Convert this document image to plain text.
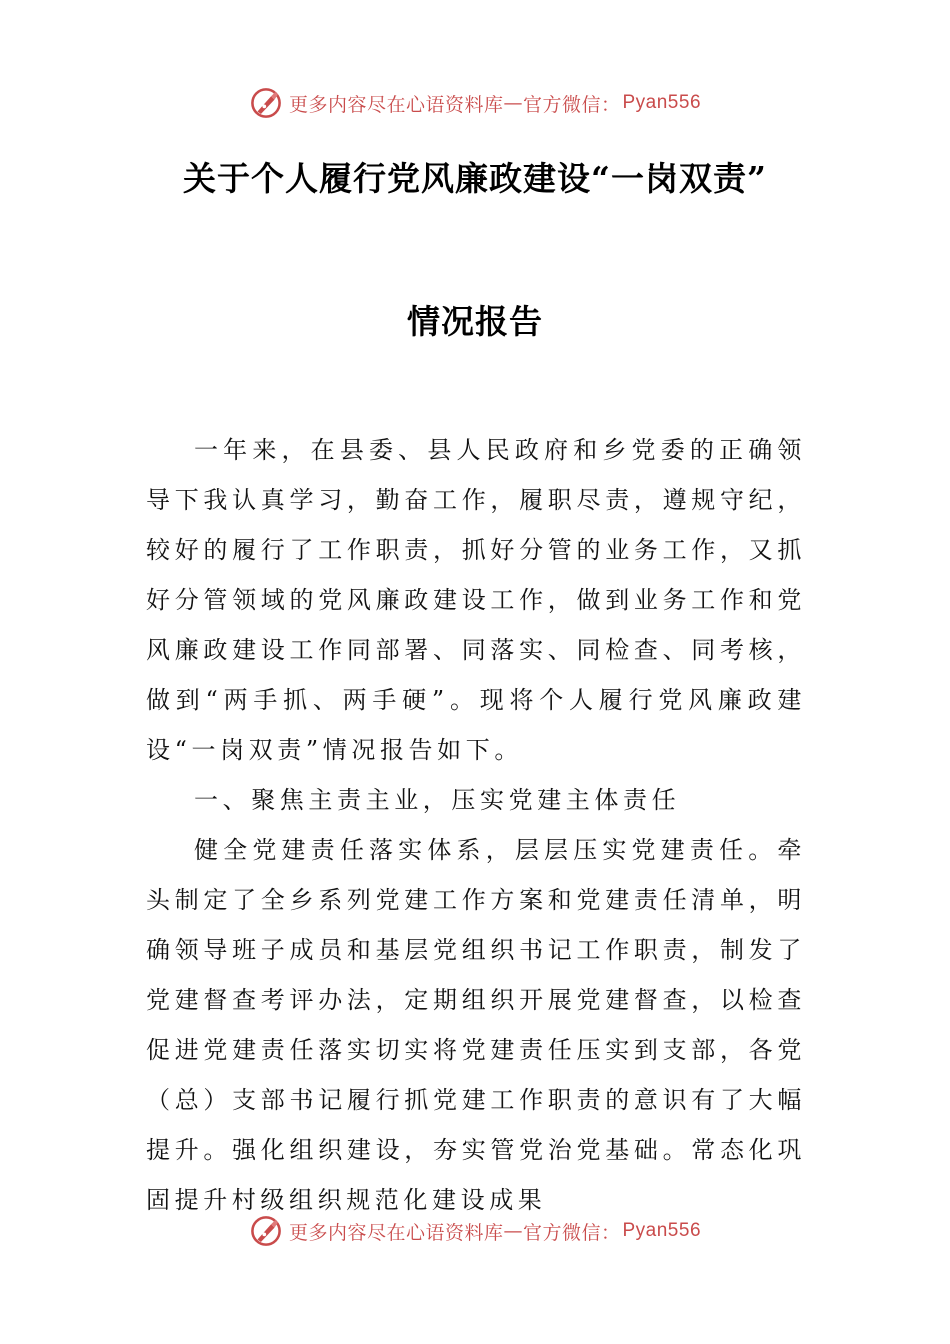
更多内容尽在心语资料库 — 官方微信： Pyan556
关于个人履行党风廉政建设“一岗双责”
情况报告

一年来，在县委、县人民政府和乡党委的正确领导下我认真学习，勤奋工作，履职尽责，遵规守纪，较好的履行了工作职责，抓好分管的业务工作，又抓好分管领域的党风廉政建设工作，做到业务工作和党风廉政建设工作同部署、同落实、同检查、同考核，做到“两手抓、两手硬”。现将个人履行党风廉政建设“一岗双责”情况报告如下。

一、聚焦主责主业，压实党建主体责任

健全党建责任落实体系，层层压实党建责任。牵头制定了全乡系列党建工作方案和党建责任清单，明确领导班子成员和基层党组织书记工作职责，制发了党建督查考评办法，定期组织开展党建督查，以检查促进党建责任落实切实将党建责任压实到支部，各党（总）支部书记履行抓党建工作职责的意识有了大幅提升。强化组织建设，夯实管党治党基础。常态化巩固提升村级组织规范化建设成果

更多内容尽在心语资料库 — 官方微信： Pyan556
